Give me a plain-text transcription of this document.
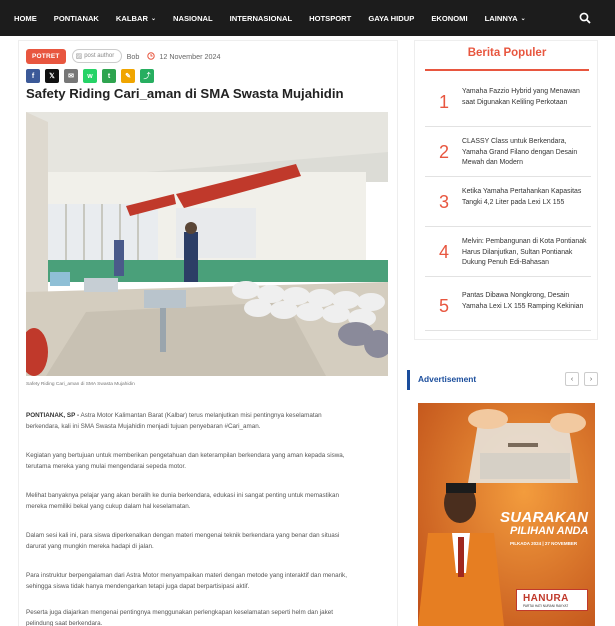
HOME PONTIANAK KALBAR ⌄ NASIONAL INTERNASIONAL HOTSPORT GAYA HIDUP EKONOMI LAINNYA ⌄
POTRET	▨ post author Bob	12 November 2024
f 𝕏 ✉ w t ✎ ⤴
Safety Riding Cari_aman di SMA Swasta Mujahidin
Safety Riding Cari_aman di SMA Swasta Mujahidin

PONTIANAK, SP - Astra Motor Kalimantan Barat (Kalbar) terus melanjutkan misi pentingnya keselamatan berkendara, kali ini SMA Swasta Mujahidin menjadi tujuan penyebaran #Cari_aman.

Kegiatan yang bertujuan untuk memberikan pengetahuan dan keterampilan berkendara yang aman kepada siswa, terutama mereka yang mulai mengendarai sepeda motor.

Melihat banyaknya pelajar yang akan beralih ke dunia berkendara, edukasi ini sangat penting untuk memastikan mereka memiliki bekal yang cukup dalam hal keselamatan.

Dalam sesi kali ini, para siswa diperkenalkan dengan materi mengenai teknik berkendara yang benar dan situasi darurat yang mungkin mereka hadapi di jalan.

Para instruktur berpengalaman dari Astra Motor menyampaikan materi dengan metode yang interaktif dan menarik, sehingga siswa tidak hanya mendengarkan tetapi juga dapat berpartisipasi aktif.

Peserta juga diajarkan mengenai pentingnya menggunakan perlengkapan keselamatan seperti helm dan jaket pelindung saat berkendara.

Berita Populer
1
Yamaha Fazzio Hybrid yang Menawan saat Digunakan Keliling Perkotaan
2
CLASSY Class untuk Berkendara, Yamaha Grand Filano dengan Desain Mewah dan Modern
3
Ketika Yamaha Pertahankan Kapasitas Tangki 4,2 Liter pada Lexi LX 155
4
Melvin: Pembangunan di Kota Pontianak Harus Dilanjutkan, Sultan Pontianak Dukung Penuh Edi-Bahasan
5
Pantas Dibawa Nongkrong, Desain Yamaha Lexi LX 155 Ramping Kekinian
Advertisement	‹ ›
SUARAKAN
PILIHAN ANDA
PILKADA 2024 | 27 NOVEMBER
HANURA
PARTAI HATI NURANI RAKYAT
